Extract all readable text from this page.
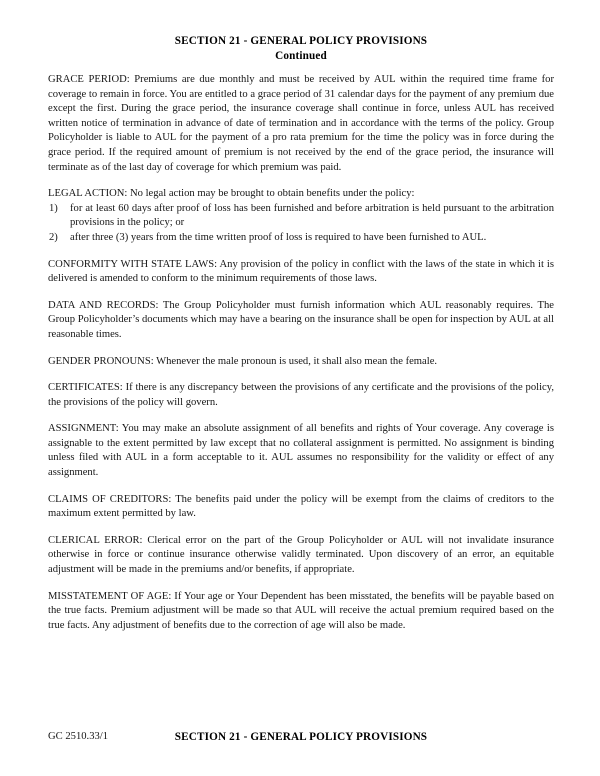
SECTION 21 - GENERAL POLICY PROVISIONS
Continued

GRACE PERIOD: Premiums are due monthly and must be received by AUL within the required time frame for coverage to remain in force. You are entitled to a grace period of 31 calendar days for the payment of any premium due except the first. During the grace period, the insurance coverage shall continue in force, unless AUL has received written notice of termination in advance of date of termination and in accordance with the terms of the policy. Group Policyholder is liable to AUL for the payment of a pro rata premium for the time the policy was in force during the grace period. If the required amount of premium is not received by the end of the grace period, the insurance will terminate as of the last day of coverage for which premium was paid.

LEGAL ACTION: No legal action may be brought to obtain benefits under the policy:

1)	for at least 60 days after proof of loss has been furnished and before arbitration is held pursuant to the arbitration provisions in the policy; or
2)	after three (3) years from the time written proof of loss is required to have been furnished to AUL.

CONFORMITY WITH STATE LAWS: Any provision of the policy in conflict with the laws of the state in which it is delivered is amended to conform to the minimum requirements of those laws.

DATA AND RECORDS: The Group Policyholder must furnish information which AUL reasonably requires. The Group Policyholder’s documents which may have a bearing on the insurance shall be open for inspection by AUL at all reasonable times.

GENDER PRONOUNS: Whenever the male pronoun is used, it shall also mean the female.

CERTIFICATES: If there is any discrepancy between the provisions of any certificate and the provisions of the policy, the provisions of the policy will govern.

ASSIGNMENT: You may make an absolute assignment of all benefits and rights of Your coverage. Any coverage is assignable to the extent permitted by law except that no collateral assignment is permitted. No assignment is binding unless filed with AUL in a form acceptable to it. AUL assumes no responsibility for the validity or effect of any assignment.

CLAIMS OF CREDITORS: The benefits paid under the policy will be exempt from the claims of creditors to the maximum extent permitted by law.

CLERICAL ERROR: Clerical error on the part of the Group Policyholder or AUL will not invalidate insurance otherwise in force or continue insurance otherwise validly terminated. Upon discovery of an error, an equitable adjustment will be made in the premiums and/or benefits, if appropriate.

MISSTATEMENT OF AGE: If Your age or Your Dependent has been misstated, the benefits will be payable based on the true facts. Premium adjustment will be made so that AUL will receive the actual premium required based on the true facts. Any adjustment of benefits due to the correction of age will also be made.

GC 2510.33/1	SECTION 21 - GENERAL POLICY PROVISIONS
